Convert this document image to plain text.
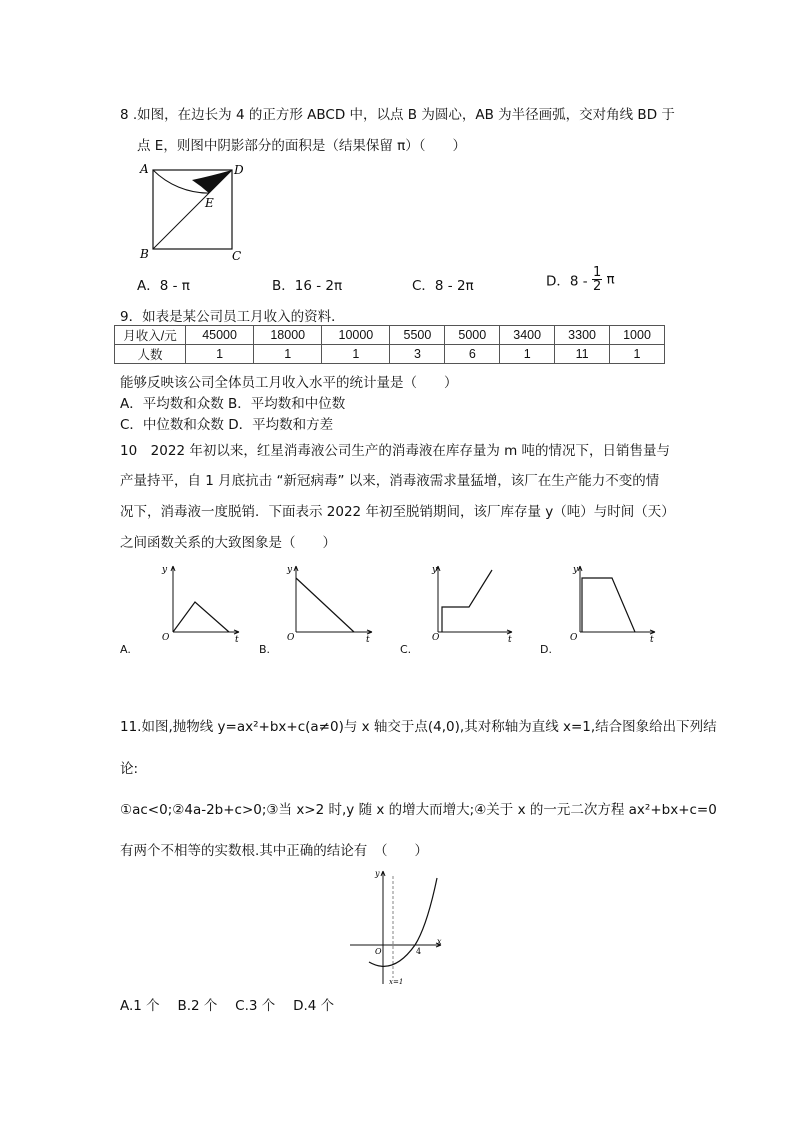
8 .如图，在边长为 4 的正方形 ABCD 中，以点 B 为圆心，AB 为半径画弧，交对角线 BD 于
点 E，则图中阴影部分的面积是（结果保留 π）（　　）
A	D
B	C
E
A．8 - π	B．16 - 2π	C．8 - 2π	D．$8 - \frac{1}{2}$ π
9．如表是某公司员工月收入的资料．
月收入/元	45000	18000	10000	5500	5000	3400	3300	1000
人数	1	1	1	3	6	1	11	1
能够反映该公司全体员工月收入水平的统计量是（　　）
A．平均数和众数 B．平均数和中位数
C．中位数和众数 D．平均数和方差
10　2022 年初以来，红星消毒液公司生产的消毒液在库存量为 m 吨的情况下，日销售量与
产量持平，自 1 月底抗击 “新冠病毒” 以来，消毒液需求量猛增，该厂在生产能力不变的情
况下，消毒液一度脱销．下面表示 2022 年初至脱销期间，该厂库存量 y（吨）与时间（天）
之间函数关系的大致图象是（　　）
y
t
O
A.
y
t
O
B.
y
t
O
C.
y
t
O
D.
11.如图,抛物线 y=ax²+bx+c(a≠0)与 x 轴交于点(4,0),其对称轴为直线 x=1,结合图象给出下列结
论:
①ac<0;②4a-2b+c>0;③当 x>2 时,y 随 x 的增大而增大;④关于 x 的一元二次方程 ax²+bx+c=0
有两个不相等的实数根.其中正确的结论有　（　　）
O	4
x
y
x=1
A.1 个　 B.2 个　 C.3 个　 D.4 个
